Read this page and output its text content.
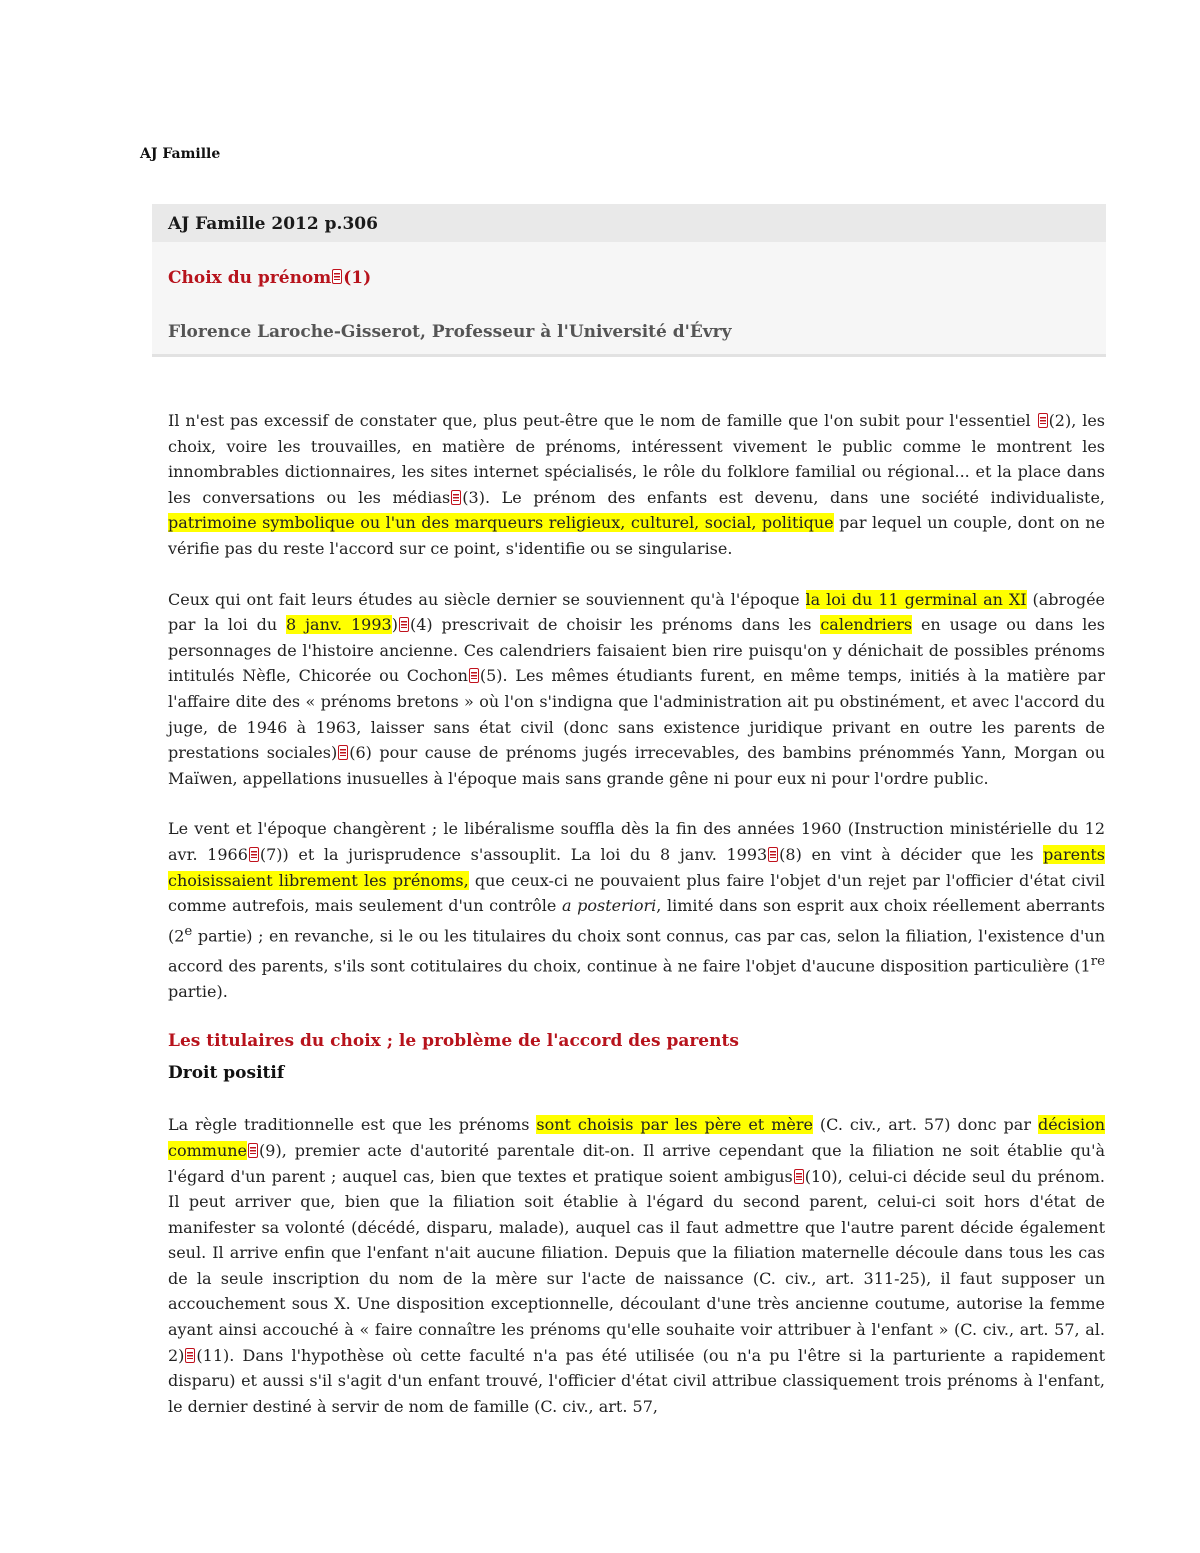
AJ Famille
AJ Famille 2012 p.306
Choix du prénom (1)
Florence Laroche-Gisserot, Professeur à l'Université d'Évry

Il n'est pas excessif de constater que, plus peut-être que le nom de famille que l'on subit pour l'essentiel (2), les choix, voire les trouvailles, en matière de prénoms, intéressent vivement le public comme le montrent les innombrables dictionnaires, les sites internet spécialisés, le rôle du folklore familial ou régional... et la place dans les conversations ou les médias (3). Le prénom des enfants est devenu, dans une société individualiste, patrimoine symbolique ou l'un des marqueurs religieux, culturel, social, politique par lequel un couple, dont on ne vérifie pas du reste l'accord sur ce point, s'identifie ou se singularise.

Ceux qui ont fait leurs études au siècle dernier se souviennent qu'à l'époque la loi du 11 germinal an XI (abrogée par la loi du 8 janv. 1993) (4) prescrivait de choisir les prénoms dans les calendriers en usage ou dans les personnages de l'histoire ancienne. Ces calendriers faisaient bien rire puisqu'on y dénichait de possibles prénoms intitulés Nèfle, Chicorée ou Cochon (5). Les mêmes étudiants furent, en même temps, initiés à la matière par l'affaire dite des « prénoms bretons » où l'on s'indigna que l'administration ait pu obstinément, et avec l'accord du juge, de 1946 à 1963, laisser sans état civil (donc sans existence juridique privant en outre les parents de prestations sociales) (6) pour cause de prénoms jugés irrecevables, des bambins prénommés Yann, Morgan ou Maïwen, appellations inusuelles à l'époque mais sans grande gêne ni pour eux ni pour l'ordre public.

Le vent et l'époque changèrent ; le libéralisme souffla dès la fin des années 1960 (Instruction ministérielle du 12 avr. 1966 (7)) et la jurisprudence s'assouplit. La loi du 8 janv. 1993 (8) en vint à décider que les parents choisissaient librement les prénoms, que ceux-ci ne pouvaient plus faire l'objet d'un rejet par l'officier d'état civil comme autrefois, mais seulement d'un contrôle a posteriori, limité dans son esprit aux choix réellement aberrants (2e partie) ; en revanche, si le ou les titulaires du choix sont connus, cas par cas, selon la filiation, l'existence d'un accord des parents, s'ils sont cotitulaires du choix, continue à ne faire l'objet d'aucune disposition particulière (1re partie).

Les titulaires du choix ; le problème de l'accord des parents
Droit positif

La règle traditionnelle est que les prénoms sont choisis par les père et mère (C. civ., art. 57) donc par décision commune (9), premier acte d'autorité parentale dit-on. Il arrive cependant que la filiation ne soit établie qu'à l'égard d'un parent ; auquel cas, bien que textes et pratique soient ambigus (10), celui-ci décide seul du prénom. Il peut arriver que, bien que la filiation soit établie à l'égard du second parent, celui-ci soit hors d'état de manifester sa volonté (décédé, disparu, malade), auquel cas il faut admettre que l'autre parent décide également seul. Il arrive enfin que l'enfant n'ait aucune filiation. Depuis que la filiation maternelle découle dans tous les cas de la seule inscription du nom de la mère sur l'acte de naissance (C. civ., art. 311-25), il faut supposer un accouchement sous X. Une disposition exceptionnelle, découlant d'une très ancienne coutume, autorise la femme ayant ainsi accouché à « faire connaître les prénoms qu'elle souhaite voir attribuer à l'enfant » (C. civ., art. 57, al. 2) (11). Dans l'hypothèse où cette faculté n'a pas été utilisée (ou n'a pu l'être si la parturiente a rapidement disparu) et aussi s'il s'agit d'un enfant trouvé, l'officier d'état civil attribue classiquement trois prénoms à l'enfant, le dernier destiné à servir de nom de famille (C. civ., art. 57,
